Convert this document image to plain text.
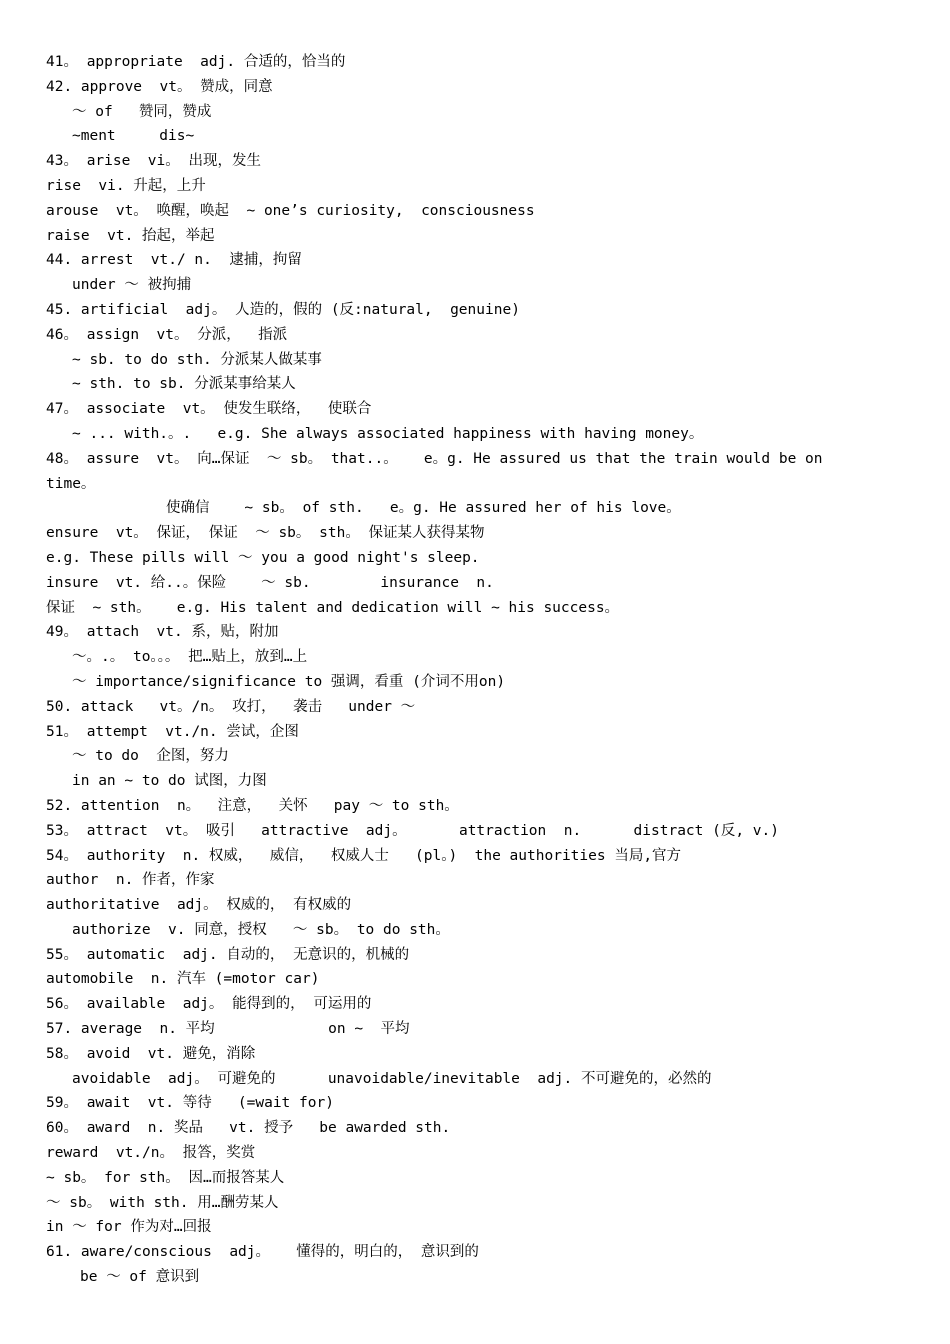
41。 appropriate  adj. 合适的，恰当的
42. approve  vt。 赞成，同意
～ of   赞同，赞成
~ment     dis~
43。 arise  vi。 出现，发生
rise  vi. 升起，上升
arouse  vt。 唤醒，唤起  ~ one’s curiosity,  consciousness
raise  vt. 抬起，举起
44. arrest  vt./ n.  逮捕，拘留
under ～ 被拘捕
45. artificial  adj。 人造的，假的 (反:natural,  genuine)
46。 assign  vt。 分派，  指派
~ sb. to do sth. 分派某人做某事
~ sth. to sb. 分派某事给某人
47。 associate  vt。 使发生联络，  使联合
~ ... with.。.   e.g. She always associated happiness with having money。
48。 assure  vt。 向…保证  ～ sb。 that..。   e。g. He assured us that the train would be on
time。
使确信    ~ sb。 of sth.   e。g. He assured her of his love。
ensure  vt。 保证， 保证  ～ sb。 sth。 保证某人获得某物
e.g. These pills will ～ you a good night's sleep.
insure  vt. 给..。保险    ～ sb.        insurance  n.
保证  ~ sth。   e.g. His talent and dedication will ~ his success。
49。 attach  vt. 系，贴，附加
～。.。 to。。。 把…贴上，放到…上
～ importance/significance to 强调，看重 (介词不用on)
50. attack   vt。/n。 攻打，  袭击   under ～
51。 attempt  vt./n. 尝试，企图
～ to do  企图，努力
in an ~ to do 试图，力图
52. attention  n。  注意，  关怀   pay ～ to sth。
53。 attract  vt。 吸引   attractive  adj。      attraction  n.      distract (反, v.)
54。 authority  n. 权威，  威信，  权威人士   (pl。)  the authorities 当局,官方
author  n. 作者，作家
authoritative  adj。 权威的， 有权威的
authorize  v. 同意，授权   ～ sb。 to do sth。
55。 automatic  adj. 自动的， 无意识的，机械的
automobile  n. 汽车 (=motor car)
56。 available  adj。 能得到的， 可运用的
57. average  n. 平均             on ~  平均
58。 avoid  vt. 避免，消除
avoidable  adj。 可避免的      unavoidable/inevitable  adj. 不可避免的，必然的
59。 await  vt. 等待   (=wait for)
60。 award  n. 奖品   vt. 授予   be awarded sth.
reward  vt./n。 报答，奖赏
~ sb。 for sth。 因…而报答某人
～ sb。 with sth. 用…酬劳某人
in ～ for 作为对…回报
61. aware/conscious  adj。   懂得的，明白的， 意识到的
be ～ of 意识到
